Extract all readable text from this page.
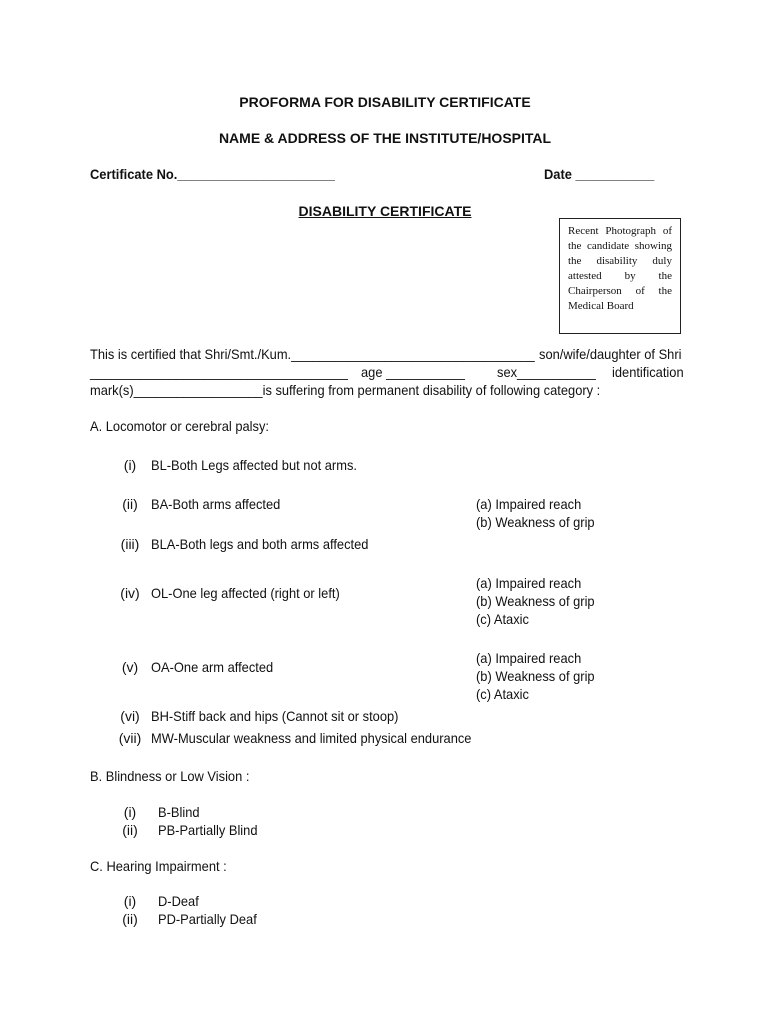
PROFORMA FOR DISABILITY CERTIFICATE
NAME & ADDRESS OF THE INSTITUTE/HOSPITAL
Certificate No.______________________	Date ___________
DISABILITY CERTIFICATE
Recent Photograph of the candidate showing the disability duly attested by the Chairperson of the Medical Board
This is certified that Shri/Smt./Kum.__________________________________ son/wife/daughter of Shri
____________________________________ age ___________	sex___________	identification
mark(s)__________________is suffering from permanent disability of following category :
A. Locomotor or cerebral palsy:
(i)	BL-Both Legs affected but not arms.
(ii) BA-Both arms affected	(a) Impaired reach
(b) Weakness of grip
(iii) BLA-Both legs and both arms affected
(iv) OL-One leg affected (right or left)
(a) Impaired reach
(b) Weakness of grip
(c) Ataxic
(v) OA-One arm affected
(a) Impaired reach
(b) Weakness of grip
(c) Ataxic
(vi) BH-Stiff back and hips (Cannot sit or stoop)
(vii) MW-Muscular weakness and limited physical endurance
B. Blindness or Low Vision :
(i)	B-Blind
(ii)	PB-Partially Blind
C. Hearing Impairment :
(i)	D-Deaf
(ii)	PD-Partially Deaf
